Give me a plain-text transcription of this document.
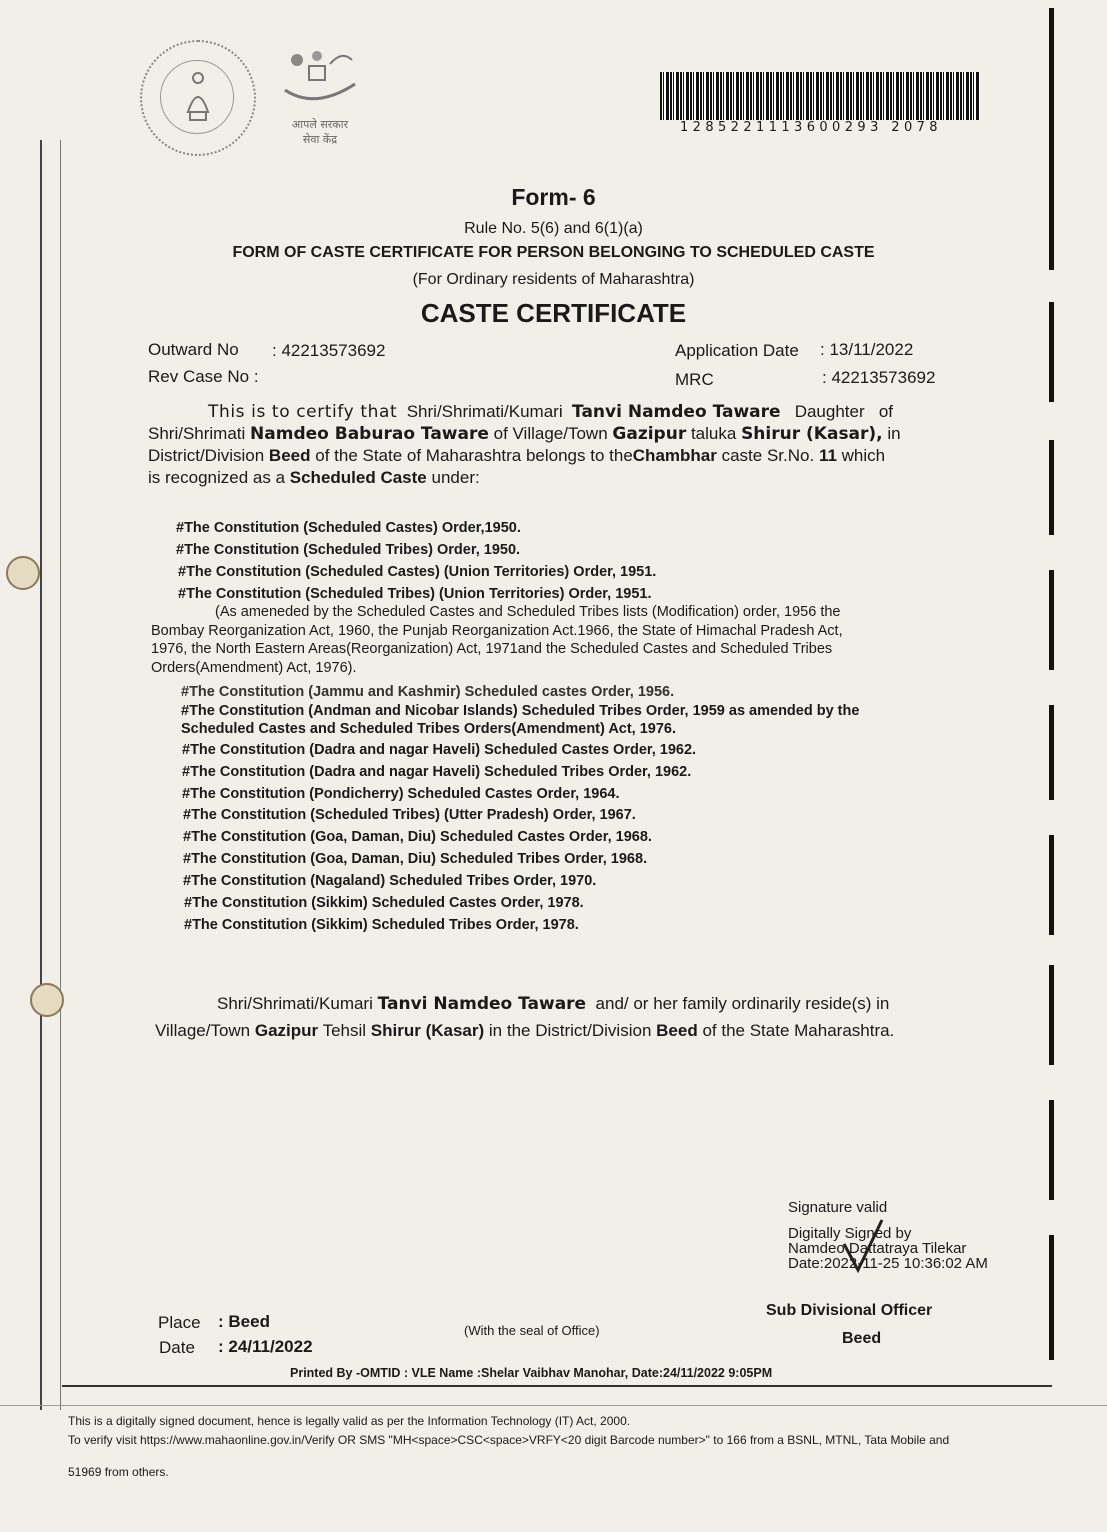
आपले सरकार
सेवा केंद्र
1285221113600293 2078
Form- 6
Rule No. 5(6) and 6(1)(a)
FORM OF CASTE CERTIFICATE FOR PERSON BELONGING TO SCHEDULED CASTE
(For Ordinary residents of Maharashtra)
CASTE CERTIFICATE
Outward No : 42213573692
Rev Case No :
Application Date : 13/11/2022
MRC	: 42213573692
This is to certify that Shri/Shrimati/Kumari Tanvi Namdeo Taware Daughter of
Shri/Shrimati Namdeo Baburao Taware of Village/Town Gazipur taluka Shirur (Kasar), in
District/Division Beed of the State of Maharashtra belongs to theChambhar caste Sr.No. 11 which
is recognized as a Scheduled Caste under:
#The Constitution (Scheduled Castes) Order,1950.
#The Constitution (Scheduled Tribes) Order, 1950.
#The Constitution (Scheduled Castes) (Union Territories) Order, 1951.
#The Constitution (Scheduled Tribes) (Union Territories) Order, 1951.
(As ameneded by the Scheduled Castes and Scheduled Tribes lists (Modification) order, 1956 the
Bombay Reorganization Act, 1960, the Punjab Reorganization Act.1966, the State of Himachal Pradesh Act,
1976, the North Eastern Areas(Reorganization) Act, 1971and the Scheduled Castes and Scheduled Tribes
Orders(Amendment) Act, 1976).
#The Constitution (Jammu and Kashmir) Scheduled castes Order, 1956.
#The Constitution (Andman and Nicobar Islands) Scheduled Tribes Order, 1959 as amended by the
Scheduled Castes and Scheduled Tribes Orders(Amendment) Act, 1976.
#The Constitution (Dadra and nagar Haveli) Scheduled Castes Order, 1962.
#The Constitution (Dadra and nagar Haveli) Scheduled Tribes Order, 1962.
#The Constitution (Pondicherry) Scheduled Castes Order, 1964.
#The Constitution (Scheduled Tribes) (Utter Pradesh) Order, 1967.
#The Constitution (Goa, Daman, Diu) Scheduled Castes Order, 1968.
#The Constitution (Goa, Daman, Diu) Scheduled Tribes Order, 1968.
#The Constitution (Nagaland) Scheduled Tribes Order, 1970.
#The Constitution (Sikkim) Scheduled Castes Order, 1978.
#The Constitution (Sikkim) Scheduled Tribes Order, 1978.
Shri/Shrimati/Kumari Tanvi Namdeo Taware and/ or her family ordinarily reside(s) in
Village/Town Gazipur Tehsil Shirur (Kasar) in the District/Division Beed of the State Maharashtra.
Signature valid
Digitally Signed by
Namdeo Dattatraya Tilekar
Date:2022-11-25 10:36:02 AM
Sub Divisional Officer
Beed
Place : Beed
Date : 24/11/2022
(With the seal of Office)
Printed By -OMTID : VLE Name :Shelar Vaibhav Manohar, Date:24/11/2022 9:05PM
This is a digitally signed document, hence is legally valid as per the Information Technology (IT) Act, 2000.
To verify visit https://www.mahaonline.gov.in/Verify OR SMS "MH<space>CSC<space>VRFY<20 digit Barcode number>" to 166 from a BSNL, MTNL, Tata Mobile and
51969 from others.
